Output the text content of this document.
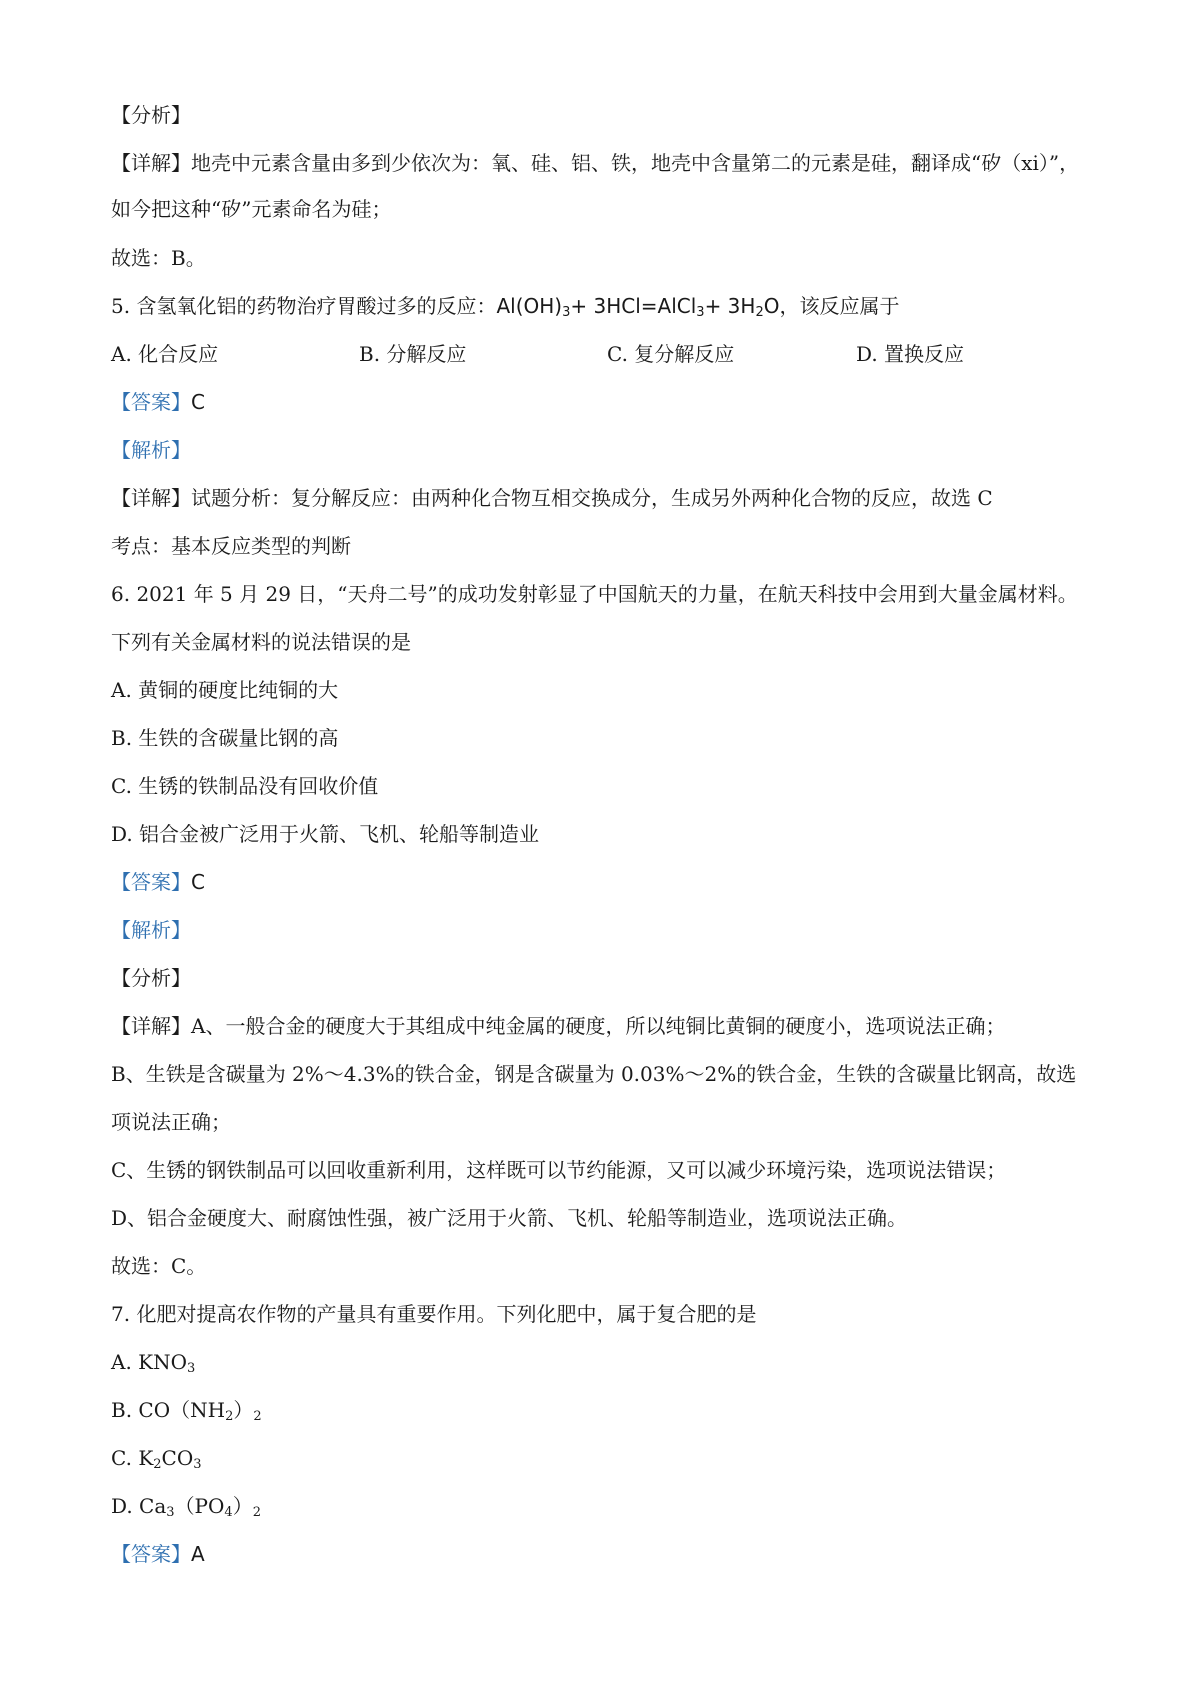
【分析】
【详解】地壳中元素含量由多到少依次为：氧、硅、铝、铁，地壳中含量第二的元素是硅，翻译成“矽（xi）”，
如今把这种“矽”元素命名为硅；
故选：B。
5. 含氢氧化铝的药物治疗胃酸过多的反应：$Al(OH)_3+$ 3HCl=AlCl$_3$+ $3H_2O$，该反应属于
A. 化合反应	B. 分解反应	C. 复分解反应	D. 置换反应
【答案】C
【解析】
【详解】试题分析：复分解反应：由两种化合物互相交换成分，生成另外两种化合物的反应，故选 C
考点：基本反应类型的判断
6. 2021 年 5 月 29 日，“天舟二号”的成功发射彰显了中国航天的力量，在航天科技中会用到大量金属材料。
下列有关金属材料的说法错误的是
A. 黄铜的硬度比纯铜的大
B. 生铁的含碳量比钢的高
C. 生锈的铁制品没有回收价值
D. 铝合金被广泛用于火箭、飞机、轮船等制造业
【答案】C
【解析】
【分析】
【详解】A、一般合金的硬度大于其组成中纯金属的硬度，所以纯铜比黄铜的硬度小，选项说法正确；
B、生铁是含碳量为 2%～4.3%的铁合金，钢是含碳量为 0.03%～2%的铁合金，生铁的含碳量比钢高，故选
项说法正确；
C、生锈的钢铁制品可以回收重新利用，这样既可以节约能源，又可以减少环境污染，选项说法错误；
D、铝合金硬度大、耐腐蚀性强，被广泛用于火箭、飞机、轮船等制造业，选项说法正确。
故选：C。
7. 化肥对提高农作物的产量具有重要作用。下列化肥中，属于复合肥的是
A. $KNO_3$
B. $CO(NH_2)_2$
C. $K_2CO_3$
D. $Ca_3(PO_4)_2$
【答案】A
